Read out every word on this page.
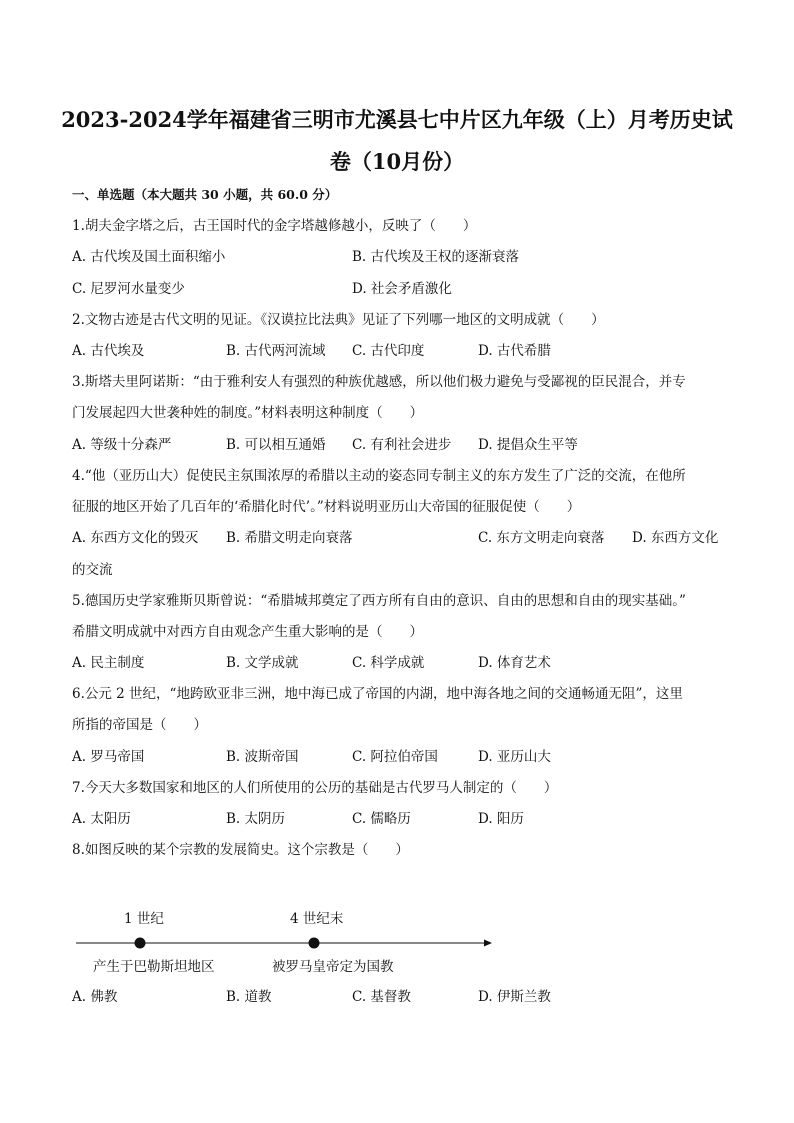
2023-2024学年福建省三明市尤溪县七中片区九年级（上）月考历史试
卷（10月份）
一、单选题（本大题共 30 小题，共 60.0 分）
1.胡夫金字塔之后，古王国时代的金字塔越修越小，反映了（　　）
A. 古代埃及国土面积缩小	B. 古代埃及王权的逐渐衰落
C. 尼罗河水量变少	D. 社会矛盾激化
2.文物古迹是古代文明的见证。《汉谟拉比法典》见证了下列哪一地区的文明成就（　　）
A. 古代埃及	B. 古代两河流域 C. 古代印度	D. 古代希腊
3.斯塔夫里阿诺斯：“由于雅利安人有强烈的种族优越感，所以他们极力避免与受鄙视的臣民混合，并专
门发展起四大世袭种姓的制度。”材料表明这种制度（　　）
A. 等级十分森严	B. 可以相互通婚 C. 有利社会进步 D. 提倡众生平等
4.“他（亚历山大）促使民主氛围浓厚的希腊以主动的姿态同专制主义的东方发生了广泛的交流，在他所
征服的地区开始了几百年的‘希腊化时代’。”材料说明亚历山大帝国的征服促使（　　）
A. 东西方文化的毁灭 B. 希腊文明走向衰落	C. 东方文明走向衰落 D. 东西方文化
的交流
5.德国历史学家雅斯贝斯曾说：“希腊城邦奠定了西方所有自由的意识、自由的思想和自由的现实基础。”
希腊文明成就中对西方自由观念产生重大影响的是（　　）
A. 民主制度	B. 文学成就	C. 科学成就	D. 体育艺术
6.公元 2 世纪，“地跨欧亚非三洲，地中海已成了帝国的内湖，地中海各地之间的交通畅通无阻”，这里
所指的帝国是（　　）
A. 罗马帝国	B. 波斯帝国	C. 阿拉伯帝国	D. 亚历山大
7.今天大多数国家和地区的人们所使用的公历的基础是古代罗马人制定的（　　）
A. 太阳历	B. 太阴历	C. 儒略历	D. 阳历
8.如图反映的某个宗教的发展简史。这个宗教是（　　）
1 世纪	4 世纪末
产生于巴勒斯坦地区	被罗马皇帝定为国教
A. 佛教	B. 道教	C. 基督教	D. 伊斯兰教
